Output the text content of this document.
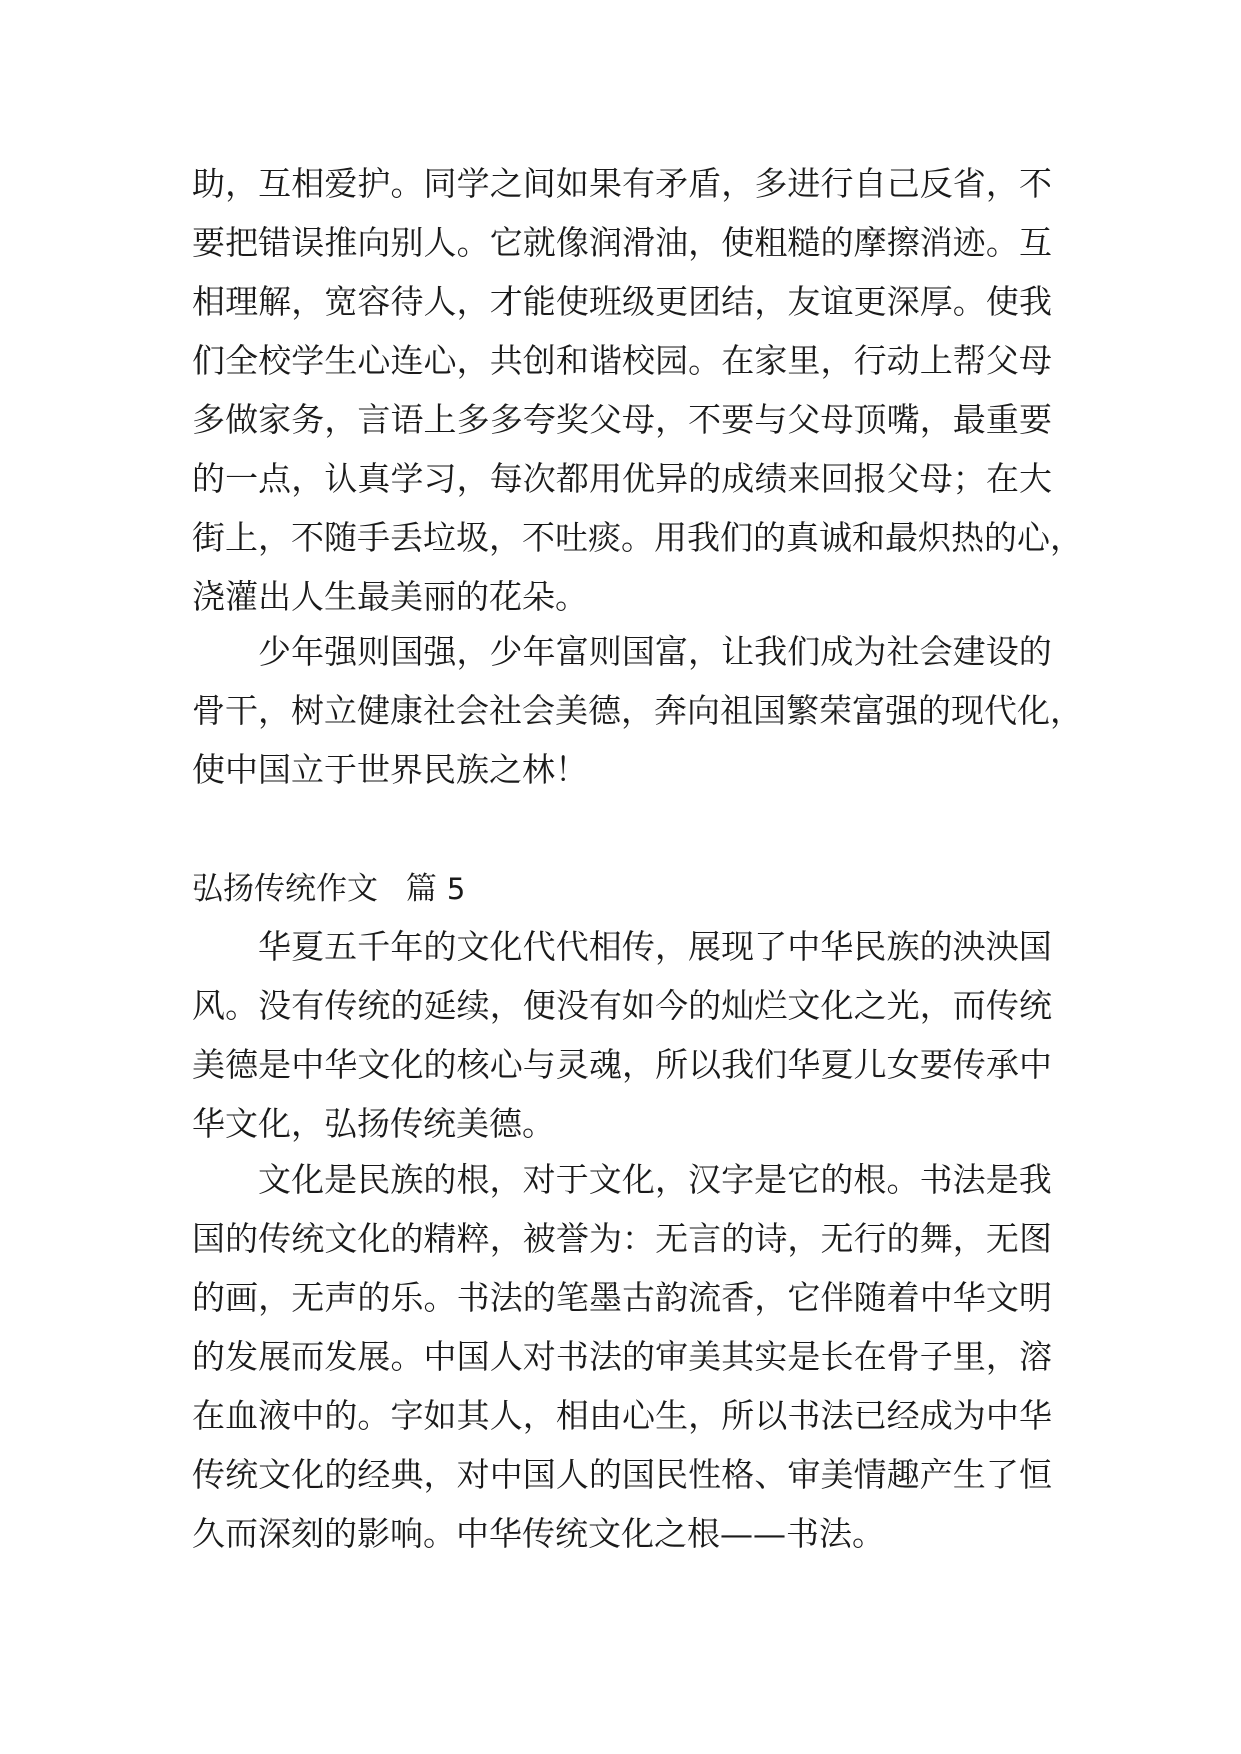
助 ， 互 相 爱 护 。 同 学 之 间 如 果 有 矛 盾 ， 多 进 行 自 己 反 省 ， 不
要 把 错 误 推 向 别 人 。 它 就 像 润 滑 油 ， 使 粗 糙 的 摩 擦 消 迹 。 互
相 理 解 ， 宽 容 待 人 ， 才 能 使 班 级 更 团 结 ， 友 谊 更 深 厚 。 使 我
们 全 校 学 生 心 连 心 ， 共 创 和 谐 校 园 。 在 家 里 ， 行 动 上 帮 父 母
多 做 家 务 ， 言 语 上 多 多 夸 奖 父 母 ， 不 要 与 父 母 顶 嘴 ， 最 重 要
的 一 点 ， 认 真 学 习 ， 每 次 都 用 优 异 的 成 绩 来 回 报 父 母 ； 在 大
街 上 ， 不 随 手 丢 垃 圾 ， 不 吐 痰 。 用 我 们 的 真 诚 和 最 炽 热 的 心 ，
浇灌出人生最美丽的花朵。
少 年 强 则 国 强 ， 少 年 富 则 国 富 ， 让 我 们 成 为 社 会 建 设 的
骨 干 ， 树 立 健 康 社 会 社 会 美 德 ， 奔 向 祖 国 繁 荣 富 强 的 现 代 化 ，
使中国立于世界民族之林！
弘扬传统作文 篇 5
华 夏 五 千 年 的 文 化 代 代 相 传 ， 展 现 了 中 华 民 族 的 泱 泱 国
风 。 没 有 传 统 的 延 续 ， 便 没 有 如 今 的 灿 烂 文 化 之 光 ， 而 传 统
美 德 是 中 华 文 化 的 核 心 与 灵 魂 ， 所 以 我 们 华 夏 儿 女 要 传 承 中
华文化，弘扬传统美德。
文 化 是 民 族 的 根 ， 对 于 文 化 ， 汉 字 是 它 的 根 。 书 法 是 我
国 的 传 统 文 化 的 精 粹 ， 被 誉 为 ： 无 言 的 诗 ， 无 行 的 舞 ， 无 图
的 画 ， 无 声 的 乐 。 书 法 的 笔 墨 古 韵 流 香 ， 它 伴 随 着 中 华 文 明
的 发 展 而 发 展 。 中 国 人 对 书 法 的 审 美 其 实 是 长 在 骨 子 里 ， 溶
在 血 液 中 的 。 字 如 其 人 ， 相 由 心 生 ， 所 以 书 法 已 经 成 为 中 华
传 统 文 化 的 经 典 ， 对 中 国 人 的 国 民 性 格 、 审 美 情 趣 产 生 了 恒
久而深刻的影响。中华传统文化之根——书法。
